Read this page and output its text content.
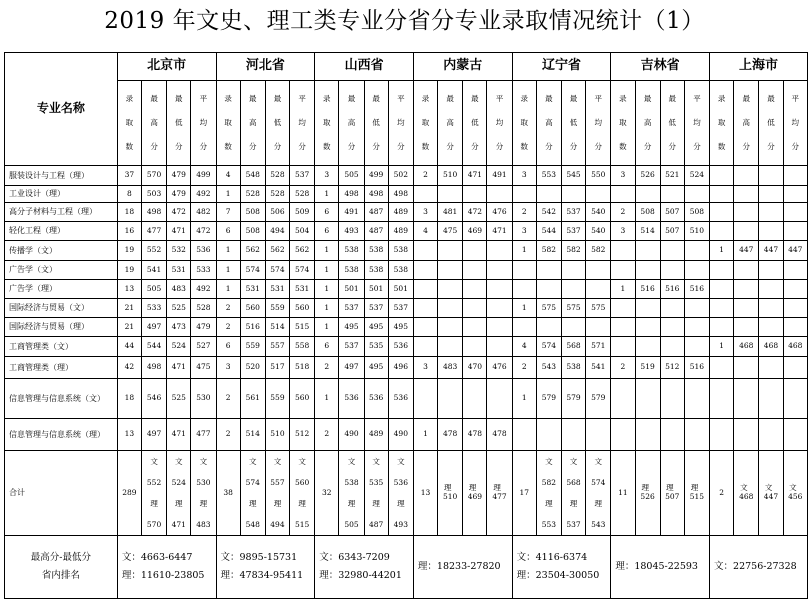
2019 年文史、理工类专业分省分专业录取情况统计（1）
专业名称	北京市				河北省				山西省				内蒙古				辽宁省				吉林省				上海市			

	录
取
数	最
高
分	最
低
分	平
均
分	录
取
数	最
高
分	最
低
分	平
均
分	录
取
数	最
高
分	最
低
分	平
均
分	录
取
数	最
高
分	最
低
分	平
均
分	录
取
数	最
高
分	最
低
分	平
均
分	录
取
数	最
高
分	最
低
分	平
均
分	录
取
数	最
高
分	最
低
分	平
均
分

服装设计与工程（理）	37	570	479	499	4	548	528	537	3	505	499	502	2	510	471	491	3	553	545	550	3	526	521	524				
工业设计（理）	8	503	479	492	1	528	528	528	1	498	498	498																
高分子材料与工程（理）	18	498	472	482	7	508	506	509	6	491	487	489	3	481	472	476	2	542	537	540	2	508	507	508				
轻化工程（理）	16	477	471	472	6	508	494	504	6	493	487	489	4	475	469	471	3	544	537	540	3	514	507	510				
传播学（文）	19	552	532	536	1	562	562	562	1	538	538	538					1	582	582	582					1	447	447	447
广告学（文）	19	541	531	533	1	574	574	574	1	538	538	538																
广告学（理）	13	505	483	492	1	531	531	531	1	501	501	501									1	516	516	516				
国际经济与贸易（文）	21	533	525	528	2	560	559	560	1	537	537	537					1	575	575	575								
国际经济与贸易（理）	21	497	473	479	2	516	514	515	1	495	495	495																
工商管理类（文）	44	544	524	527	6	559	557	558	6	537	535	536					4	574	568	571					1	468	468	468
工商管理类（理）	42	498	471	475	3	520	517	518	2	497	495	496	3	483	470	476	2	543	538	541	2	519	512	516				
信息管理与信息系统（文）	18	546	525	530	2	561	559	560	1	536	536	536					1	579	579	579								
信息管理与信息系统（理）	13	497	471	477	2	514	510	512	2	490	489	490	1	478	478	478												
合计	289	文
552
理
570	文
524
理
471	文
530
理
483	38	文
574
理
548	文
557
理
494	文
560
理
515	32	文
538
理
505	文
535
理
487	文
536
理
493	13	理  510	理  469	理  477	17	文
582
理
553	文
568
理
537	文
574
理
543	11	理  526	理  507	理  515	2	文  468	文  447	文  456

最高分-最低分
省内排名	文：4663-6447
理：11610-23805				文：9895-15731
理：47834-95411				文：6343-7209
理：32980-44201				理：18233-27820				文：4116-6374
理：23504-30050				理：18045-22593				文：22756-27328			
